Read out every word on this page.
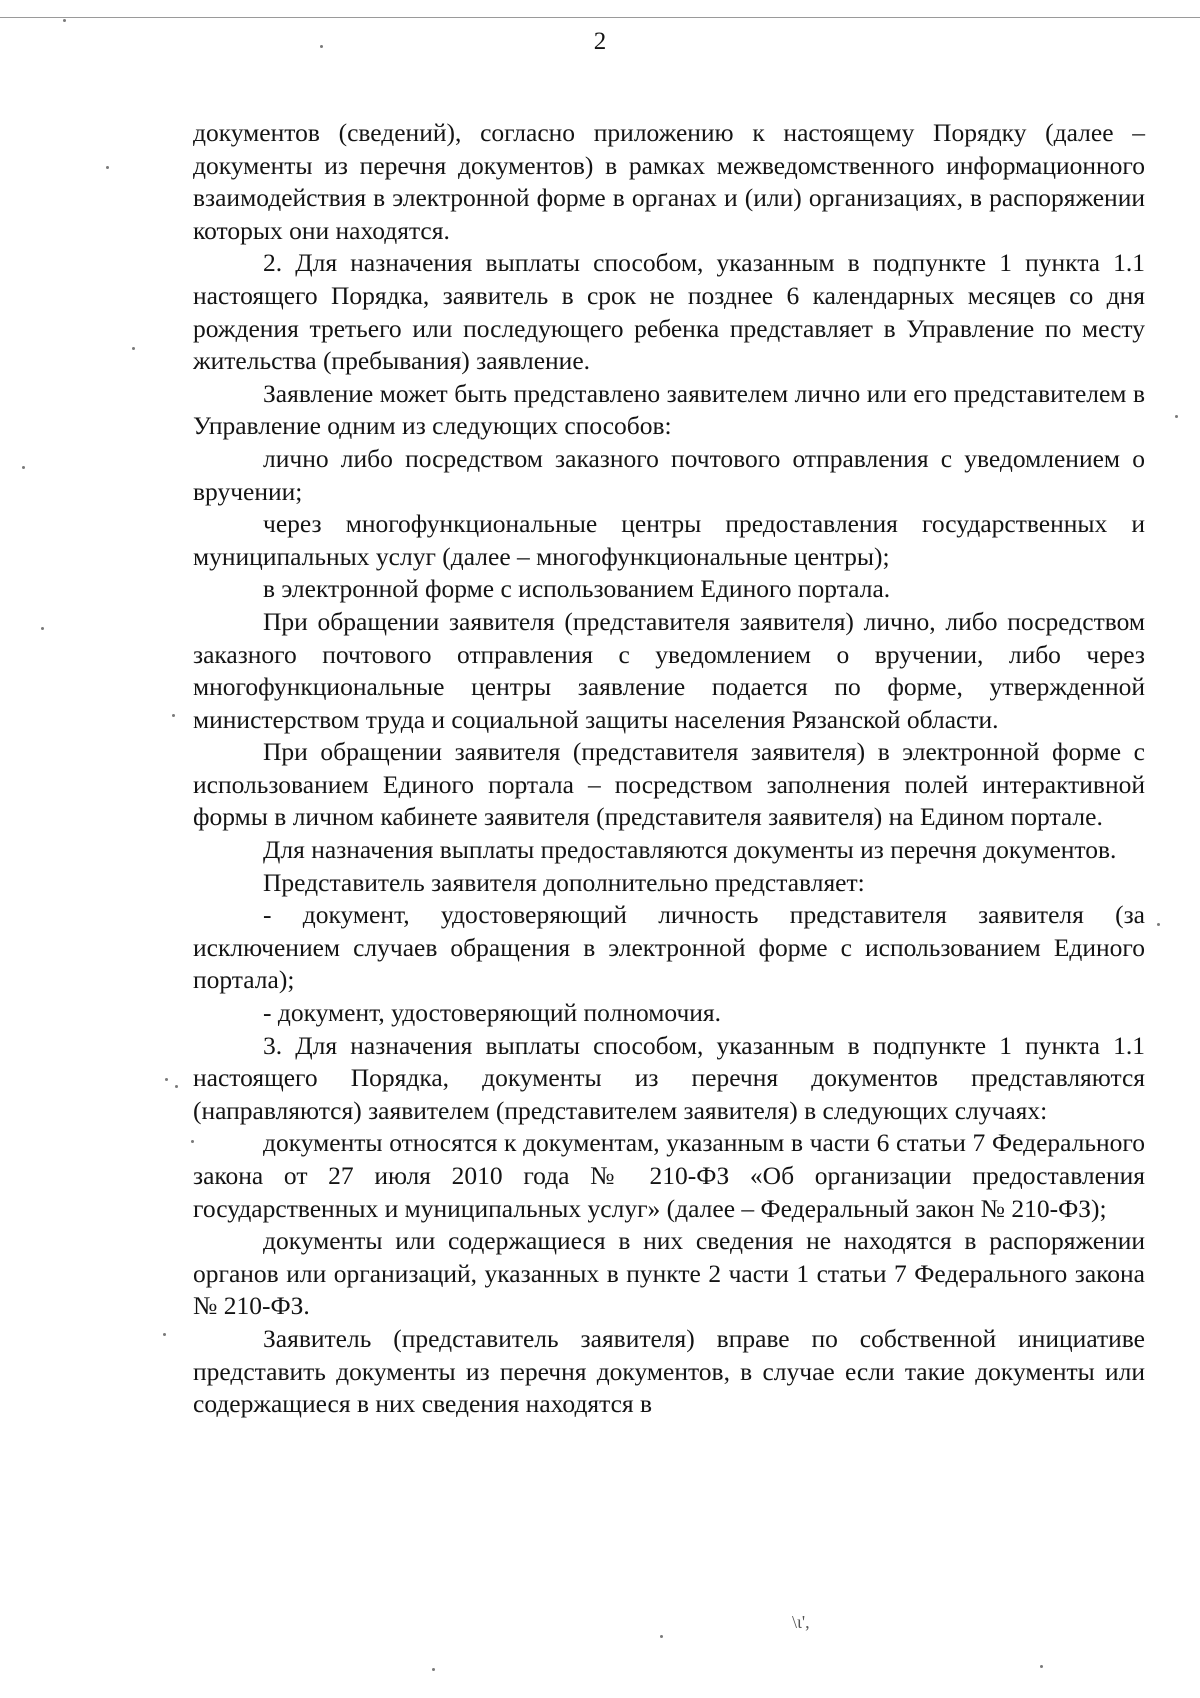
2

документов (сведений), согласно приложению к настоящему Порядку (далее – документы из перечня документов) в рамках межведомственного информационного взаимодействия в электронной форме в органах и (или) организациях, в распоряжении которых они находятся.

2. Для назначения выплаты способом, указанным в подпункте 1 пункта 1.1 настоящего Порядка, заявитель в срок не позднее 6 календарных месяцев со дня рождения третьего или последующего ребенка представляет в Управление по месту жительства (пребывания) заявление.

Заявление может быть представлено заявителем лично или его представителем в Управление одним из следующих способов:

лично либо посредством заказного почтового отправления с уведомлением о вручении;

через многофункциональные центры предоставления государственных и муниципальных услуг (далее – многофункциональные центры);

в электронной форме с использованием Единого портала.

При обращении заявителя (представителя заявителя) лично, либо посредством заказного почтового отправления с уведомлением о вручении, либо через многофункциональные центры заявление подается по форме, утвержденной министерством труда и социальной защиты населения Рязанской области.

При обращении заявителя (представителя заявителя) в электронной форме с использованием Единого портала – посредством заполнения полей интерактивной формы в личном кабинете заявителя (представителя заявителя) на Едином портале.

Для назначения выплаты предоставляются документы из перечня документов.

Представитель заявителя дополнительно представляет:

- документ, удостоверяющий личность представителя заявителя (за исключением случаев обращения в электронной форме с использованием Единого портала);

- документ, удостоверяющий полномочия.

3. Для назначения выплаты способом, указанным в подпункте 1 пункта 1.1 настоящего Порядка, документы из перечня документов представляются (направляются) заявителем (представителем заявителя) в следующих случаях:

документы относятся к документам, указанным в части 6 статьи 7 Федерального закона от 27 июля 2010 года № 210-ФЗ «Об организации предоставления государственных и муниципальных услуг» (далее – Федеральный закон № 210-ФЗ);

документы или содержащиеся в них сведения не находятся в распоряжении органов или организаций, указанных в пункте 2 части 1 статьи 7 Федерального закона № 210-ФЗ.

Заявитель (представитель заявителя) вправе по собственной инициативе представить документы из перечня документов, в случае если такие документы или содержащиеся в них сведения находятся в

\ι',
